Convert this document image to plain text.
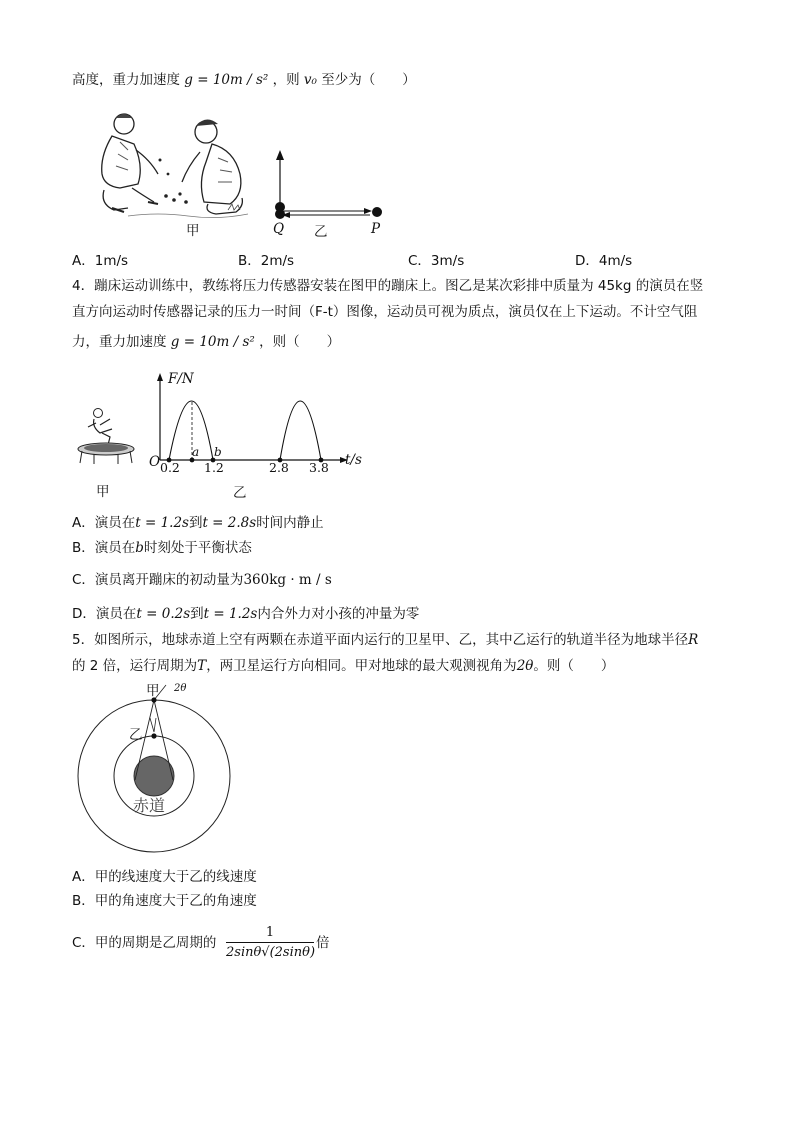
高度，重力加速度 g = 10m / s² ，则 v₀ 至少为（　　）
甲	Q	P
乙
A．1m/s	B．2m/s	C．3m/s	D．4m/s
4．蹦床运动训练中，教练将压力传感器安装在图甲的蹦床上。图乙是某次彩排中质量为 45kg 的演员在竖
直方向运动时传感器记录的压力一时间（F-t）图像，运动员可视为质点，演员仅在上下运动。不计空气阻
力，重力加速度 g = 10m / s² ，则（　　）
甲
F/N
O
a b
0.2 1.2	2.8 3.8 t/s
乙
A．演员在t = 1.2s到t = 2.8s时间内静止
B．演员在b时刻处于平衡状态
C．演员离开蹦床的初动量为360kg · m / s
D．演员在t = 0.2s到t = 1.2s内合外力对小孩的冲量为零
5．如图所示，地球赤道上空有两颗在赤道平面内运行的卫星甲、乙，其中乙运行的轨道半径为地球半径R
的 2 倍，运行周期为T，两卫星运行方向相同。甲对地球的最大观测视角为2θ。则（　　）
甲 2θ
乙
赤道
A．甲的线速度大于乙的线速度
B．甲的角速度大于乙的角速度
C．甲的周期是乙周期的
1
2sinθ√(2sinθ)
倍
